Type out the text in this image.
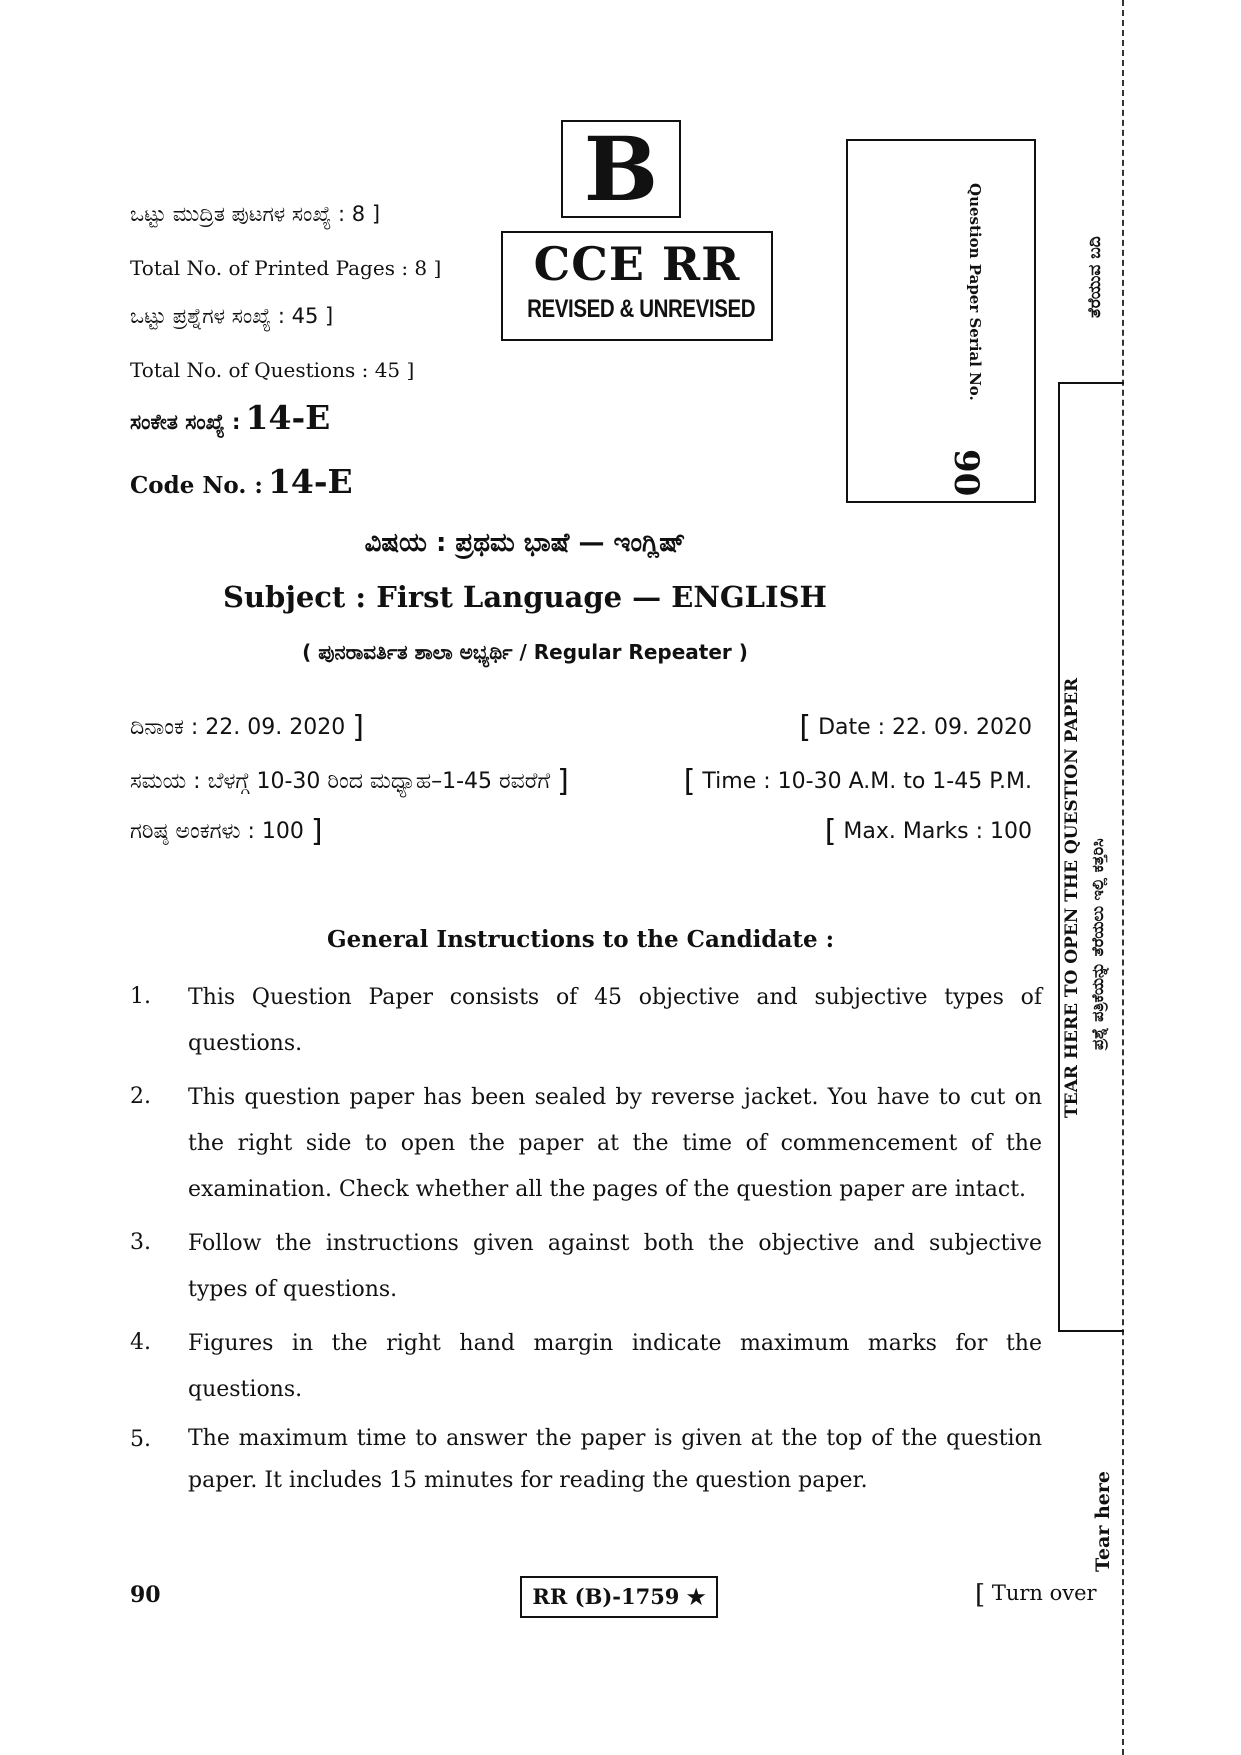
B
CCE RR
REVISED & UNREVISED
ಒಟ್ಟು ಮುದ್ರಿತ ಪುಟಗಳ ಸಂಖ್ಯೆ : 8 ]
Total No. of Printed Pages : 8 ]
ಒಟ್ಟು ಪ್ರಶ್ನೆಗಳ ಸಂಖ್ಯೆ : 45 ]
Total No. of Questions : 45 ]
ಸಂಕೇತ ಸಂಖ್ಯೆ : 14-E
Code No. : 14-E
Question Paper Serial No.
90
ವಿಷಯ : ಪ್ರಥಮ ಭಾಷೆ — ಇಂಗ್ಲಿಷ್
Subject : First Language — ENGLISH
( ಪುನರಾವರ್ತಿತ ಶಾಲಾ ಅಭ್ಯರ್ಥಿ / Regular Repeater )
ದಿನಾಂಕ : 22. 09. 2020 ]	[ Date : 22. 09. 2020
ಸಮಯ : ಬೆಳಗ್ಗೆ 10-30 ರಿಂದ ಮಧ್ಯಾಹ–1-45 ರವರೆಗೆ ]	[ Time : 10-30 A.M. to 1-45 P.M.
ಗರಿಷ್ಠ ಅಂಕಗಳು : 100 ]	[ Max. Marks : 100
General Instructions to the Candidate :
1. This Question Paper consists of 45 objective and subjective types of questions.
2. This question paper has been sealed by reverse jacket. You have to cut on the right side to open the paper at the time of commencement of the examination. Check whether all the pages of the question paper are intact.
3. Follow the instructions given against both the objective and subjective types of questions.
4. Figures in the right hand margin indicate maximum marks for the questions.
5. The maximum time to answer the paper is given at the top of the question paper. It includes 15 minutes for reading the question paper.
ತೆರೆಯುವ ಬದಿ
TEAR HERE TO OPEN THE QUESTION PAPER ಪ್ರಶ್ನೆ ಪತ್ರಿಕೆಯನ್ನು ತೆರೆಯಲು ಇಲ್ಲಿ ಕತ್ತರಿಸಿ
Tear here
90	RR (B)-1759 ★	[ Turn over
